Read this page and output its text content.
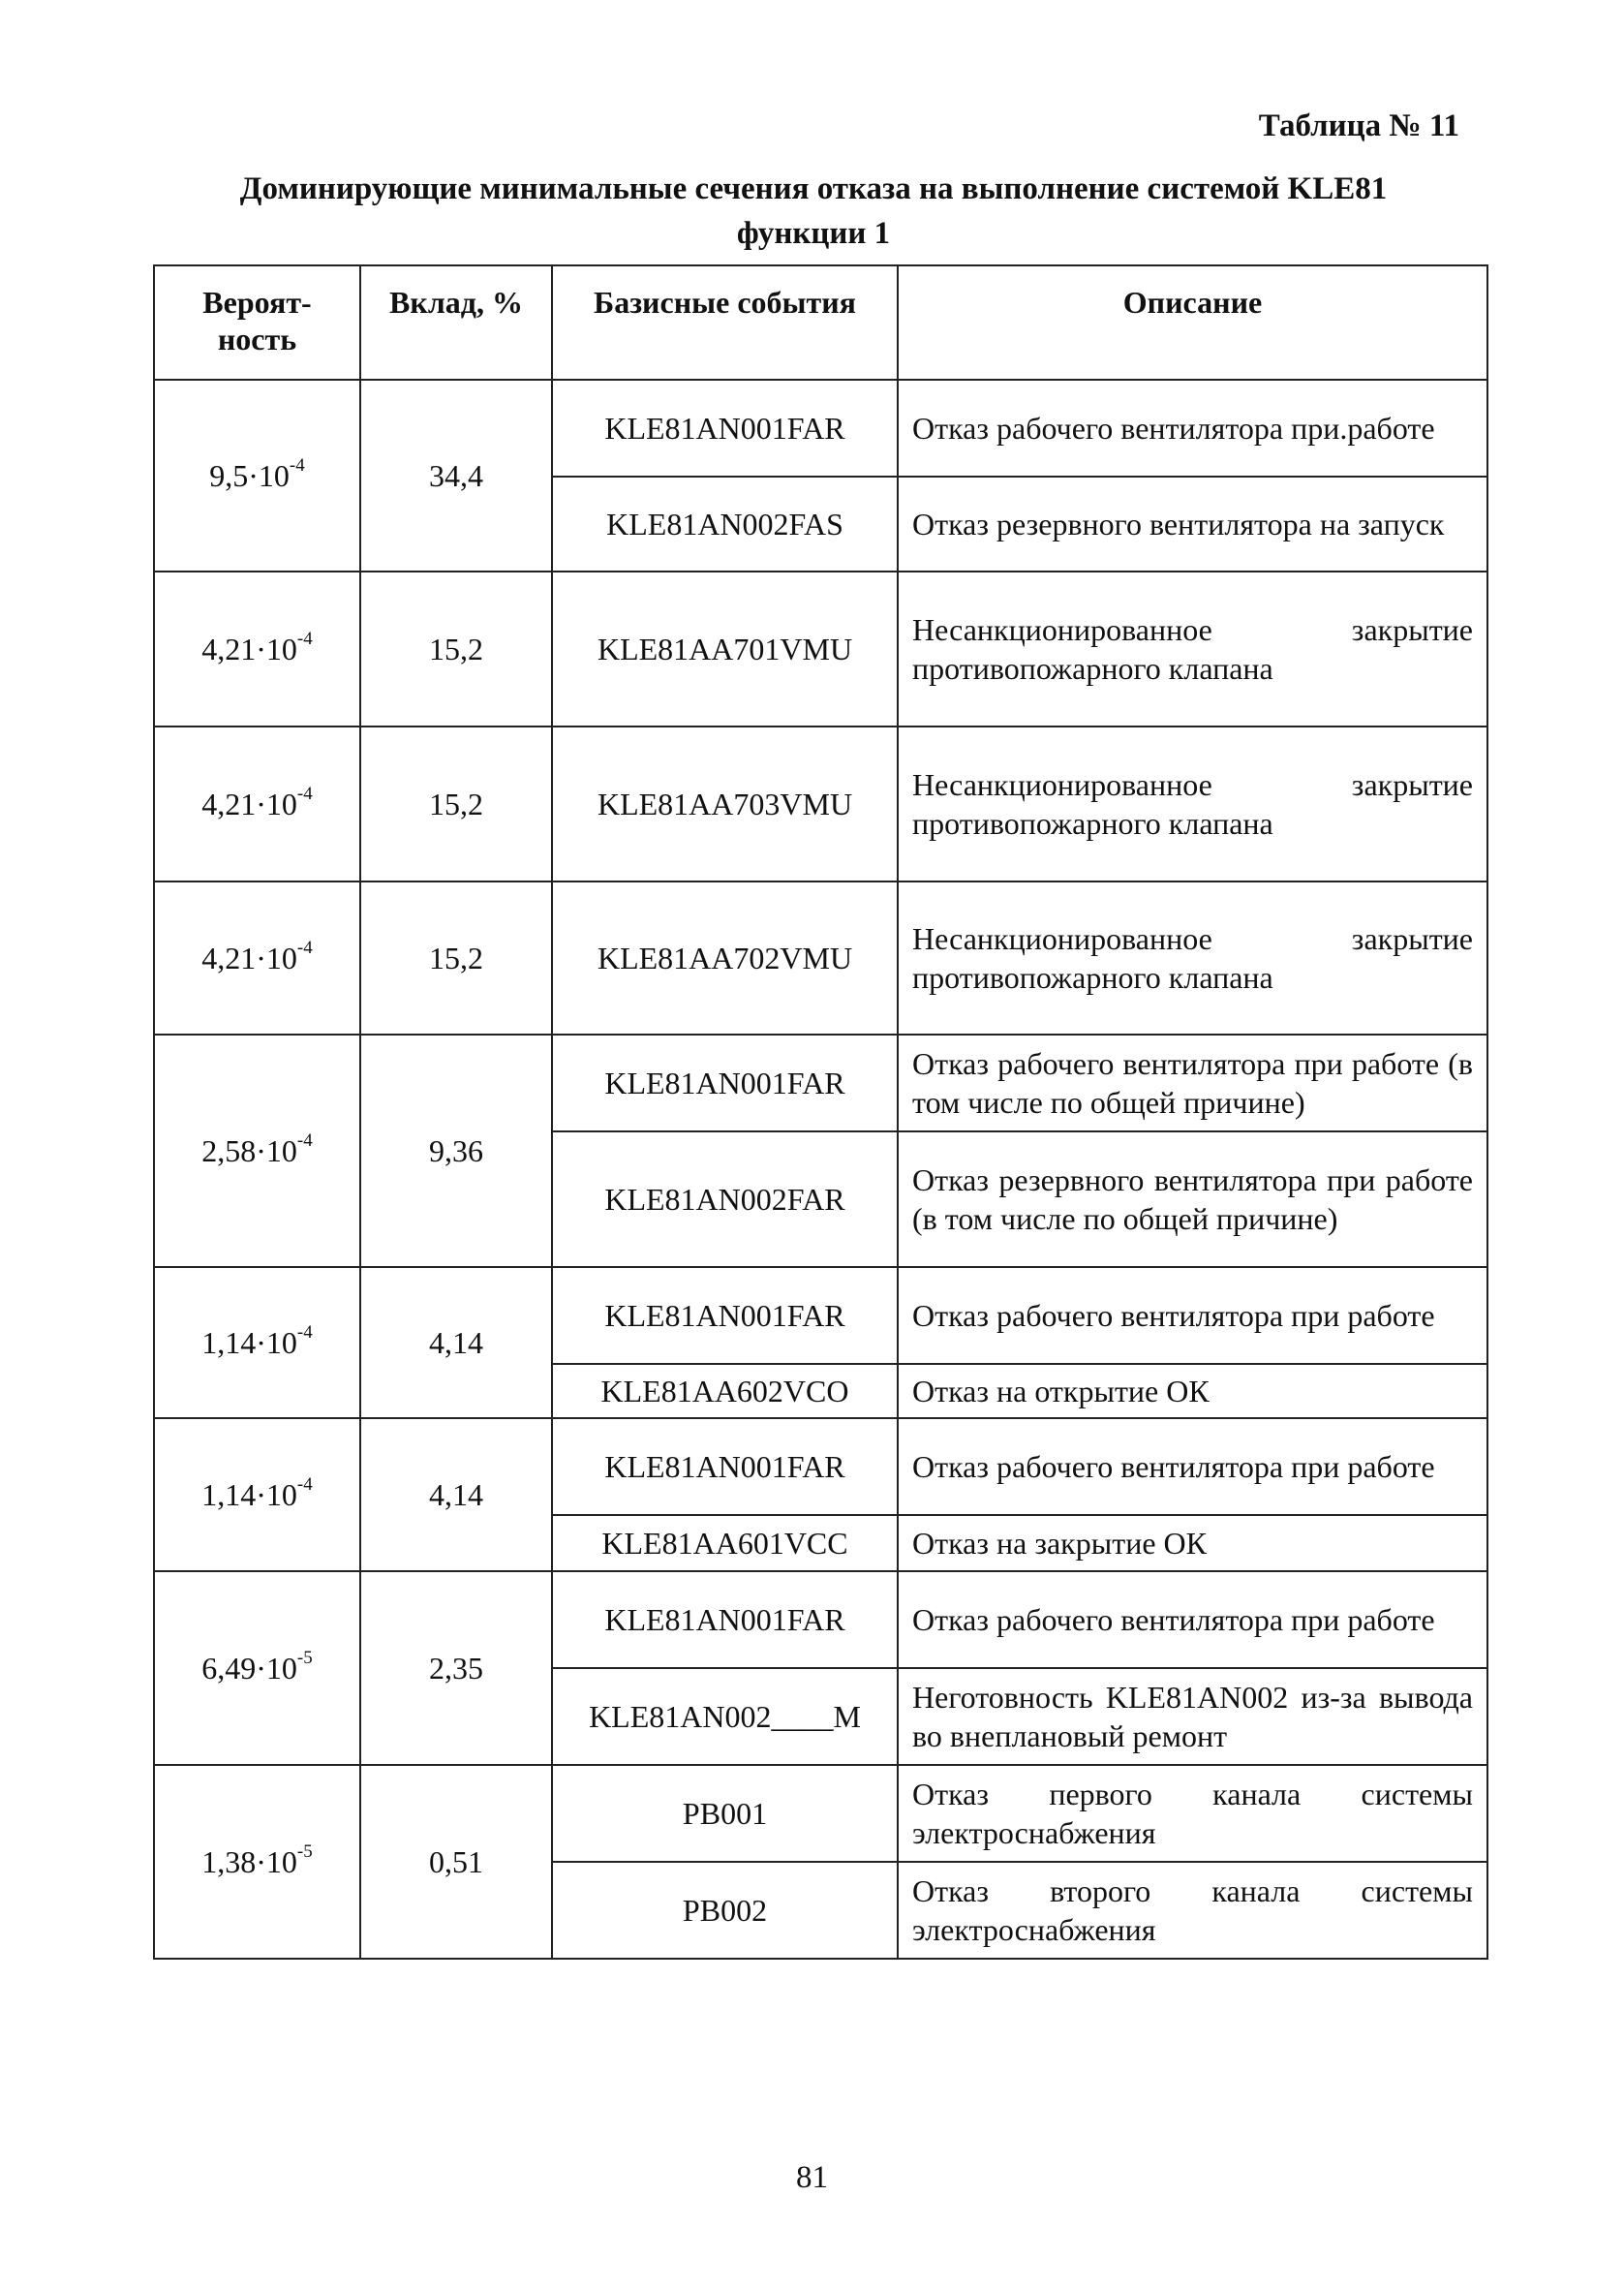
Таблица № 11
Доминирующие минимальные сечения отказа на выполнение системой KLE81
функции 1
Вероят-
ность	Вклад, %	Базисные события	Описание
$9,5\cdot 10^{-4}$	34,4	KLE81AN001FAR	Отказ рабочего вентилятора при.работе
		KLE81AN002FAS	Отказ резервного вентилятора на запуск
$4,21\cdot 10^{-4}$	15,2	KLE81AA701VMU	Несанкционированное закрытие противопожарного клапана
$4,21\cdot 10^{-4}$	15,2	KLE81AA703VMU	Несанкционированное закрытие противопожарного клапана
$4,21\cdot 10^{-4}$	15,2	KLE81AA702VMU	Несанкционированное закрытие противопожарного клапана
$2,58\cdot 10^{-4}$	9,36	KLE81AN001FAR	Отказ рабочего вентилятора при работе (в том числе по общей причине)
		KLE81AN002FAR	Отказ резервного вентилятора при работе (в том числе по общей причине)
$1,14\cdot 10^{-4}$	4,14	KLE81AN001FAR	Отказ рабочего вентилятора при работе
		KLE81AA602VCO	Отказ на открытие ОК
$1,14\cdot 10^{-4}$	4,14	KLE81AN001FAR	Отказ рабочего вентилятора при работе
		KLE81AA601VCC	Отказ на закрытие ОК
$6,49\cdot 10^{-5}$	2,35	KLE81AN001FAR	Отказ рабочего вентилятора при работе
		KLE81AN002____M	Неготовность KLE81AN002 из-за вывода во внеплановый ремонт
$1,38\cdot 10^{-5}$	0,51	PB001	Отказ первого канала системы электроснабжения
		PB002	Отказ второго канала системы электроснабжения
81
